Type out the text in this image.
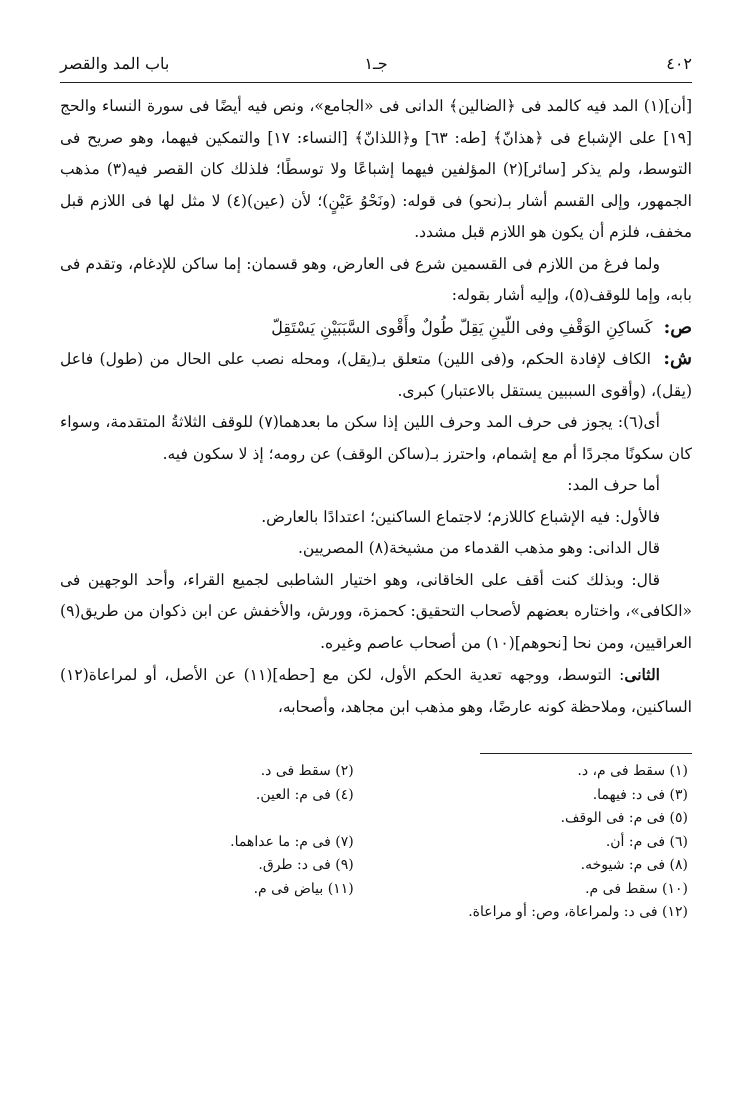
٤٠٢
جـ١
باب المد والقصر

[أن](١) المد فيه كالمد فى ﴿الضالين﴾ الدانى فى «الجامع»، ونص فيه أيضًا فى سورة النساء والحج [١٩] على الإشباع فى ﴿هذانّ﴾ [طه: ٦٣] و﴿اللذانّ﴾ [النساء: ١٧] والتمكين فيهما، وهو صريح فى التوسط، ولم يذكر [سائر](٢) المؤلفين فيهما إشباعًا ولا توسطًا؛ فلذلك كان القصر فيه(٣) مذهب الجمهور، وإلى القسم أشار بـ(نحو) فى قوله: (ونَحْوُ عَيْنٍ)؛ لأن (عين)(٤) لا مثل لها فى اللازم قبل مخفف، فلزم أن يكون هو اللازم قبل مشدد.

ولما فرغ من اللازم فى القسمين شرع فى العارض، وهو قسمان: إما ساكن للإدغام، وتقدم فى بابه، وإما للوقف(٥)، وإليه أشار بقوله:

ص: كَساكِنِ الوَقْفِ وفى اللّينِ يَقِلّ طُولٌ وأَقْوى السَّبَبَيْنِ يَسْتَقِلّ

ش: الكاف لإفادة الحكم، و(فى اللين) متعلق بـ(يقل)، ومحله نصب على الحال من (طول) فاعل (يقل)، (وأقوى السببين يستقل بالاعتبار) كبرى.

أى(٦): يجوز فى حرف المد وحرف اللين إذا سكن ما بعدهما(٧) للوقف الثلاثةُ المتقدمة، وسواء كان سكونًا مجردًا أم مع إشمام، واحترز بـ(ساكن الوقف) عن رومه؛ إذ لا سكون فيه.

أما حرف المد:

فالأول: فيه الإشباع كاللازم؛ لاجتماع الساكنين؛ اعتدادًا بالعارض.

قال الدانى: وهو مذهب القدماء من مشيخة(٨) المصريين.

قال: وبذلك كنت أقف على الخاقانى، وهو اختيار الشاطبى لجميع القراء، وأحد الوجهين فى «الكافى»، واختاره بعضهم لأصحاب التحقيق: كحمزة، وورش، والأخفش عن ابن ذكوان من طريق(٩) العراقيين، ومن نحا [نحوهم](١٠) من أصحاب عاصم وغيره.

الثانى: التوسط، ووجهه تعدية الحكم الأول، لكن مع [حطه](١١) عن الأصل، أو لمراعاة(١٢) الساكنين، وملاحظة كونه عارضًا، وهو مذهب ابن مجاهد، وأصحابه،

(١) سقط فى م، د.
(٣) فى د: فيهما.
(٥) فى م: فى الوقف.
(٦) فى م: أن.
(٨) فى م: شيوخه.
(١٠) سقط فى م.
(١٢) فى د: ولمراعاة، وص: أو مراعاة.
(٢) سقط فى د.
(٤) فى م: العين.
(٧) فى م: ما عداهما.
(٩) فى د: طرق.
(١١) بياض فى م.
